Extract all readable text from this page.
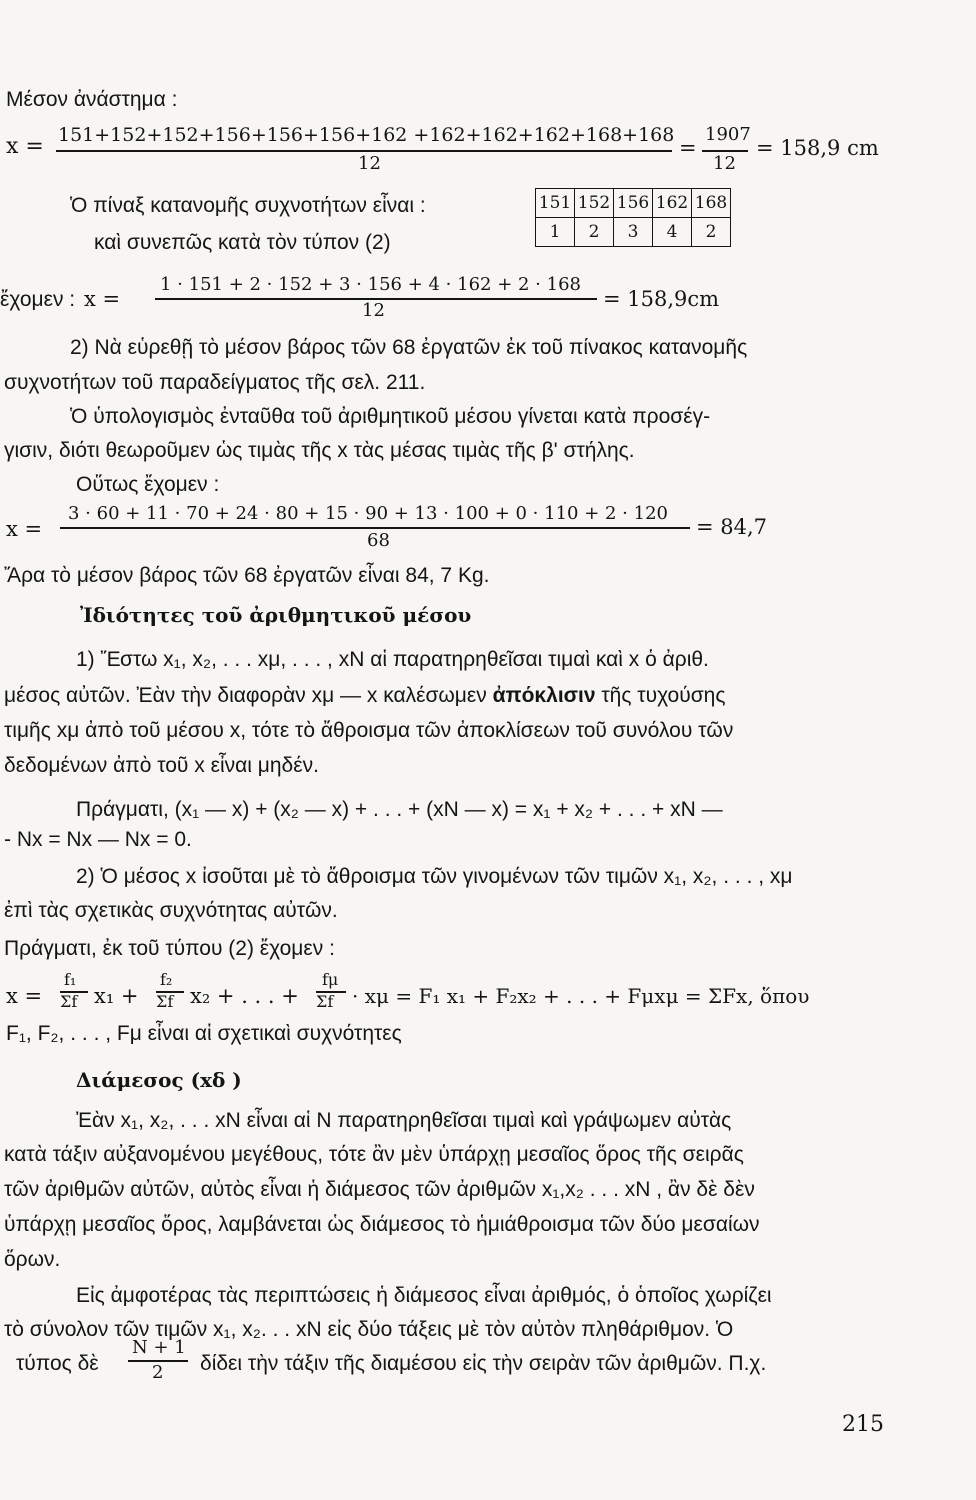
Μέσον ἀνάστημα :
x = 151+152+152+156+156+156+162 +162+162+162+168+168
12
=
1907
12
= 158,9 cm
Ὁ πίναξ κατανομῆς συχνοτήτων εἶναι :
καὶ συνεπῶς κατὰ τὸν τύπον (2)
151	152	156	162	168
1	2	3	4	2
ἔχομεν : x =
1 · 151 + 2 · 152 + 3 · 156 + 4 · 162 + 2 · 168
12	= 158,9cm
2) Νὰ εὑρεθῇ τὸ μέσον βάρος τῶν 68 ἐργατῶν ἐκ τοῦ πίνακος κατανομῆς
συχνοτήτων τοῦ παραδείγματος τῆς σελ. 211.
Ὁ ὑπολογισμὸς ἐνταῦθα τοῦ ἀριθμητικοῦ μέσου γίνεται κατὰ προσέγ-
γισιν, διότι θεωροῦμεν ὡς τιμὰς τῆς x τὰς μέσας τιμὰς τῆς β' στήλης.
Οὕτως ἔχομεν :
x =
3 · 60 + 11 · 70 + 24 · 80 + 15 · 90 + 13 · 100 + 0 · 110 + 2 · 120
68
= 84,7
Ἄρα τὸ μέσον βάρος τῶν 68 ἐργατῶν εἶναι 84, 7 Kg.
Ἰδιότητες τοῦ ἀριθμητικοῦ μέσου
1) Ἔστω x₁, x₂, . . . xμ, . . . , xN αἱ παρατηρηθεῖσαι τιμαὶ καὶ x ὁ ἀριθ.
μέσος αὐτῶν. Ἐὰν τὴν διαφορὰν xμ — x καλέσωμεν ἀπόκλισιν τῆς τυχούσης
τιμῆς xμ ἀπὸ τοῦ μέσου x, τότε τὸ ἄθροισμα τῶν ἀποκλίσεων τοῦ συνόλου τῶν
δεδομένων ἀπὸ τοῦ x εἶναι μηδέν.
Πράγματι, (x₁ — x) + (x₂ — x) + . . . + (xN — x) = x₁ + x₂ + . . . + xN —
- Nx = Nx — Nx = 0.
2) Ὁ μέσος x ἰσοῦται μὲ τὸ ἄθροισμα τῶν γινομένων τῶν τιμῶν x₁, x₂, . . . , xμ
ἐπὶ τὰς σχετικὰς συχνότητας αὐτῶν.
Πράγματι, ἐκ τοῦ τύπου (2) ἔχομεν :
x =
f₁
Σf x₁ +
f₂
Σf x₂ + . . . +
fμ
Σf · xμ = F₁ x₁ + F₂x₂ + . . . + Fμxμ = ΣFx, ὅπου
F₁, F₂, . . . , Fμ εἶναι αἱ σχετικαὶ συχνότητες
Διάμεσος (xδ )
Ἐὰν x₁, x₂, . . . xN εἶναι αἱ N παρατηρηθεῖσαι τιμαὶ καὶ γράψωμεν αὐτὰς
κατὰ τάξιν αὐξανομένου μεγέθους, τότε ἂν μὲν ὑπάρχῃ μεσαῖος ὅρος τῆς σειρᾶς
τῶν ἀριθμῶν αὐτῶν, αὐτὸς εἶναι ἡ διάμεσος τῶν ἀριθμῶν x₁,x₂ . . . xN , ἂν δὲ δὲν
ὑπάρχῃ μεσαῖος ὅρος, λαμβάνεται ὡς διάμεσος τὸ ἡμιάθροισμα τῶν δύο μεσαίων
ὅρων.
Εἰς ἀμφοτέρας τὰς περιπτώσεις ἡ διάμεσος εἶναι ἀριθμός, ὁ ὁποῖος χωρίζει
τὸ σύνολον τῶν τιμῶν x₁, x₂. . . xN εἰς δύο τάξεις μὲ τὸν αὐτὸν πληθάριθμον. Ὁ
τύπος δὲ
N + 1
2 δίδει τὴν τάξιν τῆς διαμέσου εἰς τὴν σειρὰν τῶν ἀριθμῶν. Π.χ.
215
